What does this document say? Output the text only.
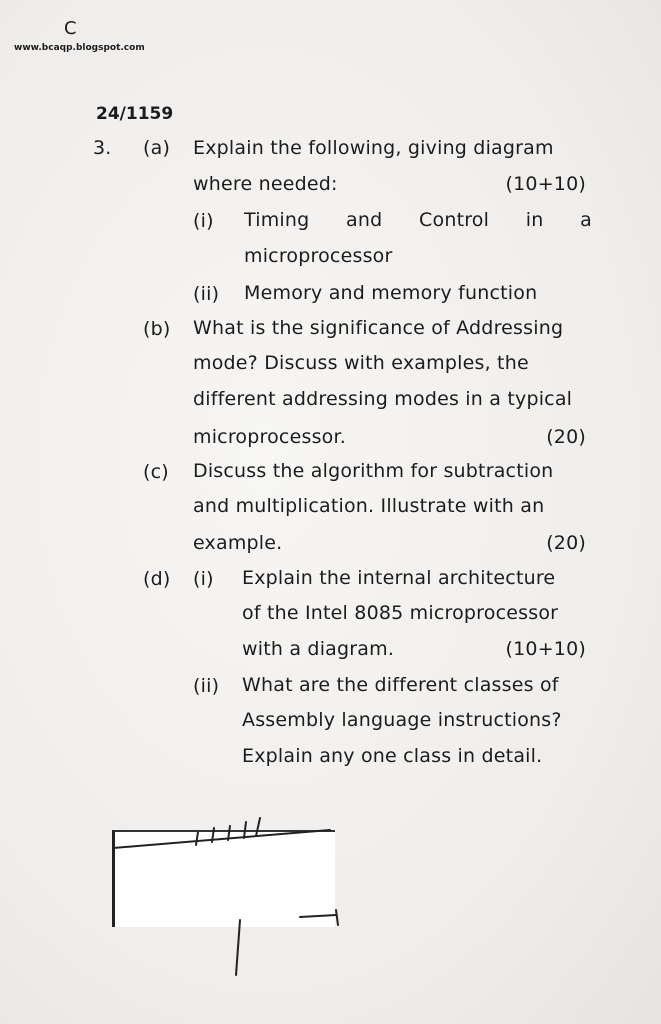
C
www.bcaqp.blogspot.com
24/1159
3. (a) Explain the following, giving diagram
where needed:	(10+10)
(i) Timing and Control in a
microprocessor
(ii) Memory and memory function
(b) What is the significance of Addressing
mode? Discuss with examples, the
different addressing modes in a typical
microprocessor.	(20)
(c) Discuss the algorithm for subtraction
and multiplication. Illustrate with an
example.	(20)
(d) (i) Explain the internal architecture
of the Intel 8085 microprocessor
with a diagram.	(10+10)
(ii) What are the different classes of
Assembly language instructions?
Explain any one class in detail.
